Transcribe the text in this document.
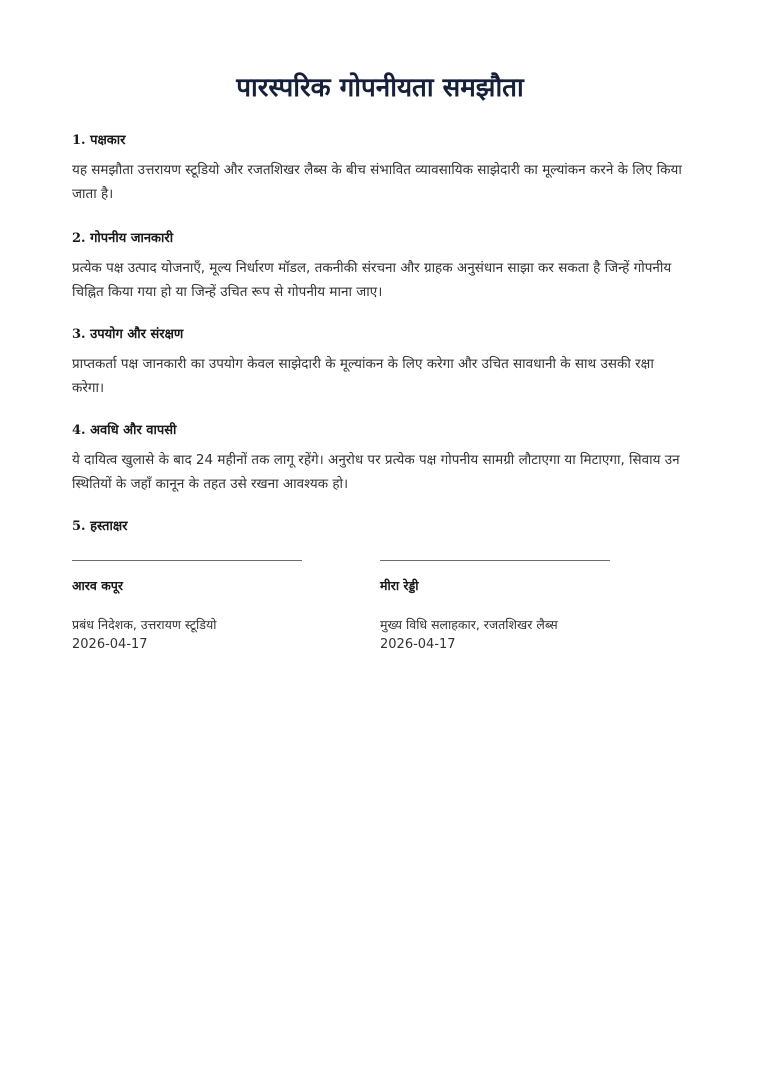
पारस्परिक गोपनीयता समझौता
1. पक्षकार

यह समझौता उत्तरायण स्टूडियो और रजतशिखर लैब्स के बीच संभावित व्यावसायिक साझेदारी का मूल्यांकन करने के लिए किया जाता है।

2. गोपनीय जानकारी

प्रत्येक पक्ष उत्पाद योजनाएँ, मूल्य निर्धारण मॉडल, तकनीकी संरचना और ग्राहक अनुसंधान साझा कर सकता है जिन्हें गोपनीय चिह्नित किया गया हो या जिन्हें उचित रूप से गोपनीय माना जाए।

3. उपयोग और संरक्षण

प्राप्तकर्ता पक्ष जानकारी का उपयोग केवल साझेदारी के मूल्यांकन के लिए करेगा और उचित सावधानी के साथ उसकी रक्षा करेगा।

4. अवधि और वापसी

ये दायित्व खुलासे के बाद 24 महीनों तक लागू रहेंगे। अनुरोध पर प्रत्येक पक्ष गोपनीय सामग्री लौटाएगा या मिटाएगा, सिवाय उन स्थितियों के जहाँ कानून के तहत उसे रखना आवश्यक हो।

5. हस्ताक्षर
आरव कपूर
प्रबंध निदेशक, उत्तरायण स्टूडियो
2026-04-17
मीरा रेड्डी
मुख्य विधि सलाहकार, रजतशिखर लैब्स
2026-04-17
